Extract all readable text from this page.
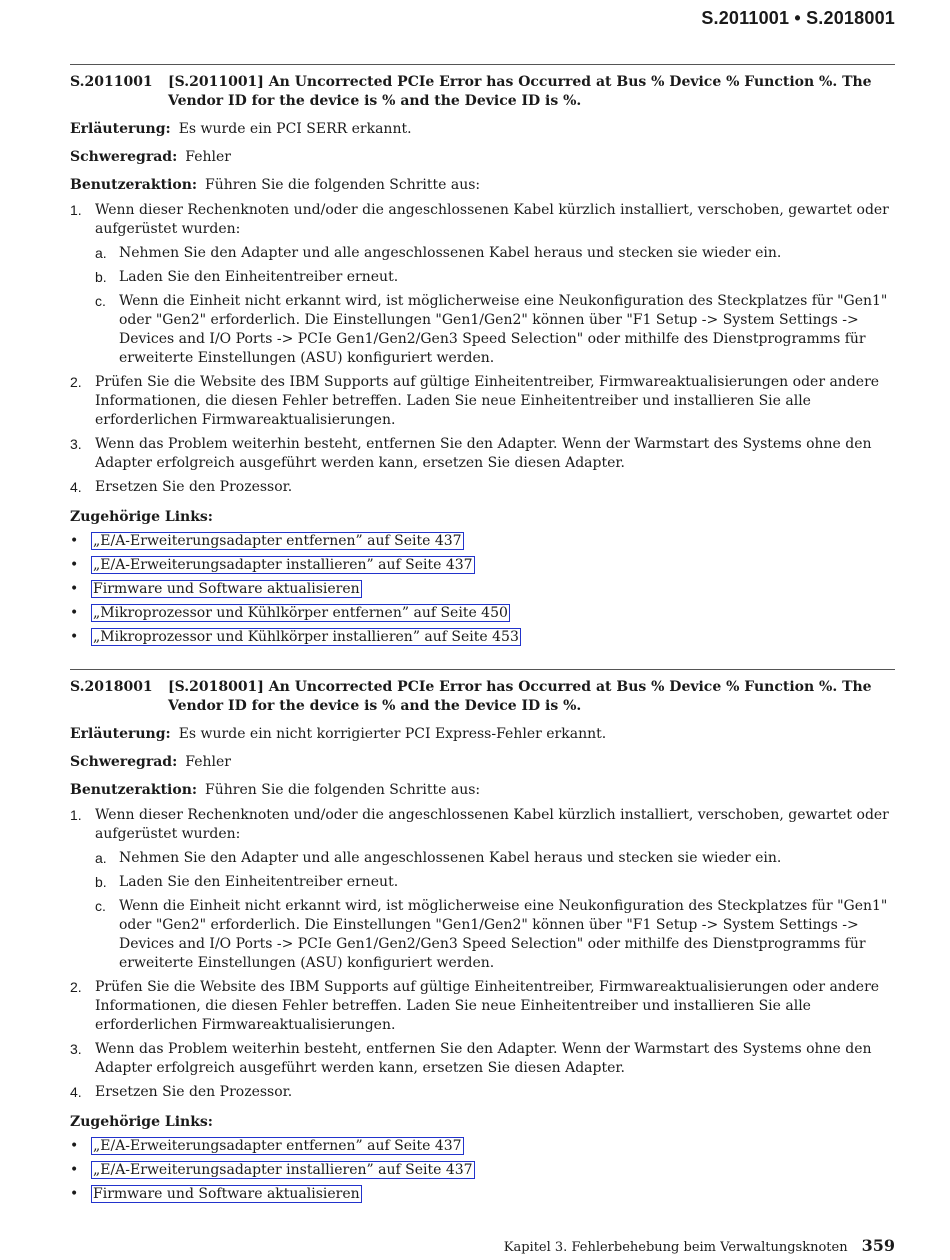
S.2011001 • S.2018001
S.2011001	[S.2011001] An Uncorrected PCIe Error has Occurred at Bus % Device % Function %. The Vendor ID for the device is % and the Device ID is %.
Erläuterung: Es wurde ein PCI SERR erkannt.
Schweregrad: Fehler
Benutzeraktion: Führen Sie die folgenden Schritte aus:
1. Wenn dieser Rechenknoten und/oder die angeschlossenen Kabel kürzlich installiert, verschoben, gewartet oder aufgerüstet wurden:
a. Nehmen Sie den Adapter und alle angeschlossenen Kabel heraus und stecken sie wieder ein.
b. Laden Sie den Einheitentreiber erneut.
c. Wenn die Einheit nicht erkannt wird, ist möglicherweise eine Neukonfiguration des Steckplatzes für "Gen1" oder "Gen2" erforderlich. Die Einstellungen "Gen1/Gen2" können über "F1 Setup -> System Settings -> Devices and I/O Ports -> PCIe Gen1/Gen2/Gen3 Speed Selection" oder mithilfe des Dienstprogramms für erweiterte Einstellungen (ASU) konfiguriert werden.
2. Prüfen Sie die Website des IBM Supports auf gültige Einheitentreiber, Firmwareaktualisierungen oder andere Informationen, die diesen Fehler betreffen. Laden Sie neue Einheitentreiber und installieren Sie alle erforderlichen Firmwareaktualisierungen.
3. Wenn das Problem weiterhin besteht, entfernen Sie den Adapter. Wenn der Warmstart des Systems ohne den Adapter erfolgreich ausgeführt werden kann, ersetzen Sie diesen Adapter.
4. Ersetzen Sie den Prozessor.
Zugehörige Links:
• „E/A-Erweiterungsadapter entfernen” auf Seite 437
• „E/A-Erweiterungsadapter installieren” auf Seite 437
• Firmware und Software aktualisieren
• „Mikroprozessor und Kühlkörper entfernen” auf Seite 450
• „Mikroprozessor und Kühlkörper installieren” auf Seite 453
S.2018001	[S.2018001] An Uncorrected PCIe Error has Occurred at Bus % Device % Function %. The Vendor ID for the device is % and the Device ID is %.
Erläuterung: Es wurde ein nicht korrigierter PCI Express-Fehler erkannt.
Schweregrad: Fehler
Benutzeraktion: Führen Sie die folgenden Schritte aus:
1. Wenn dieser Rechenknoten und/oder die angeschlossenen Kabel kürzlich installiert, verschoben, gewartet oder aufgerüstet wurden:
a. Nehmen Sie den Adapter und alle angeschlossenen Kabel heraus und stecken sie wieder ein.
b. Laden Sie den Einheitentreiber erneut.
c. Wenn die Einheit nicht erkannt wird, ist möglicherweise eine Neukonfiguration des Steckplatzes für "Gen1" oder "Gen2" erforderlich. Die Einstellungen "Gen1/Gen2" können über "F1 Setup -> System Settings -> Devices and I/O Ports -> PCIe Gen1/Gen2/Gen3 Speed Selection" oder mithilfe des Dienstprogramms für erweiterte Einstellungen (ASU) konfiguriert werden.
2. Prüfen Sie die Website des IBM Supports auf gültige Einheitentreiber, Firmwareaktualisierungen oder andere Informationen, die diesen Fehler betreffen. Laden Sie neue Einheitentreiber und installieren Sie alle erforderlichen Firmwareaktualisierungen.
3. Wenn das Problem weiterhin besteht, entfernen Sie den Adapter. Wenn der Warmstart des Systems ohne den Adapter erfolgreich ausgeführt werden kann, ersetzen Sie diesen Adapter.
4. Ersetzen Sie den Prozessor.
Zugehörige Links:
• „E/A-Erweiterungsadapter entfernen” auf Seite 437
• „E/A-Erweiterungsadapter installieren” auf Seite 437
• Firmware und Software aktualisieren
Kapitel 3. Fehlerbehebung beim Verwaltungsknoten 359
